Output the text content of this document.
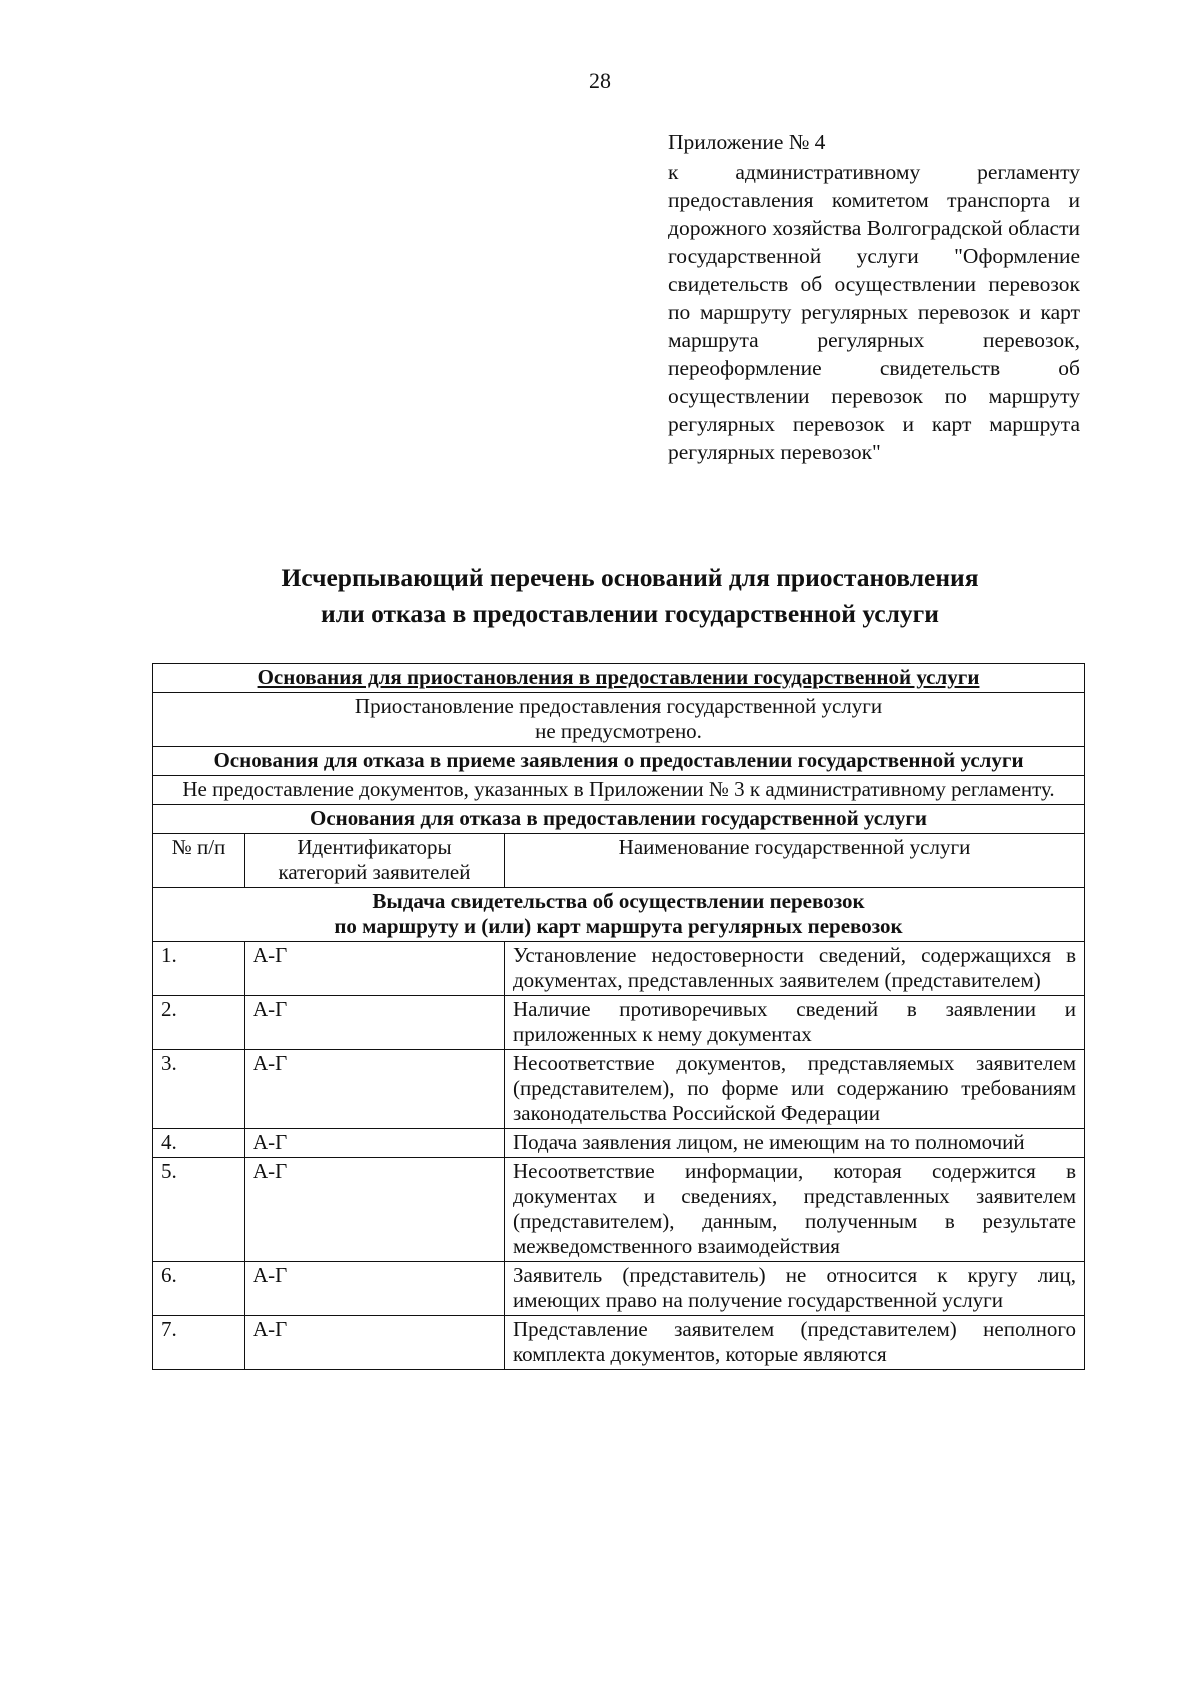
28

Приложение № 4

к административному регламенту предоставления комитетом транспорта и дорожного хозяйства Волгоградской области государственной услуги "Оформление свидетельств об осуществлении перевозок по маршруту регулярных перевозок и карт маршрута регулярных перевозок, переоформление свидетельств об осуществлении перевозок по маршруту регулярных перевозок и карт маршрута регулярных перевозок"

Исчерпывающий перечень оснований для приостановления
или отказа в предоставлении государственной услуги
Основания для приостановления в предоставлении государственной услуги		

Приостановление предоставления государственной услуги
не предусмотрено.		

Основания для отказа в приеме заявления о предоставлении государственной услуги		
Не предоставление документов, указанных в Приложении № 3 к административному регламенту.		
Основания для отказа в предоставлении государственной услуги		
№ п/п	Идентификаторы категорий заявителей	Наименование государственной услуги

Выдача свидетельства об осуществлении перевозок
по маршруту и (или) карт маршрута регулярных перевозок		

1.	А-Г	Установление недостоверности сведений, содержащихся в документах, представленных заявителем (представителем)
2.	А-Г	Наличие противоречивых сведений в заявлении и приложенных к нему документах
3.	А-Г	Несоответствие документов, представляемых заявителем (представителем), по форме или содержанию требованиям законодательства Российской Федерации
4.	А-Г	Подача заявления лицом, не имеющим на то полномочий
5.	А-Г	Несоответствие информации, которая содержится в документах и сведениях, представленных заявителем (представителем), данным, полученным в результате межведомственного взаимодействия
6.	А-Г	Заявитель (представитель) не относится к кругу лиц, имеющих право на получение государственной услуги
7.	А-Г	Представление заявителем (представителем) неполного комплекта документов, которые являются
